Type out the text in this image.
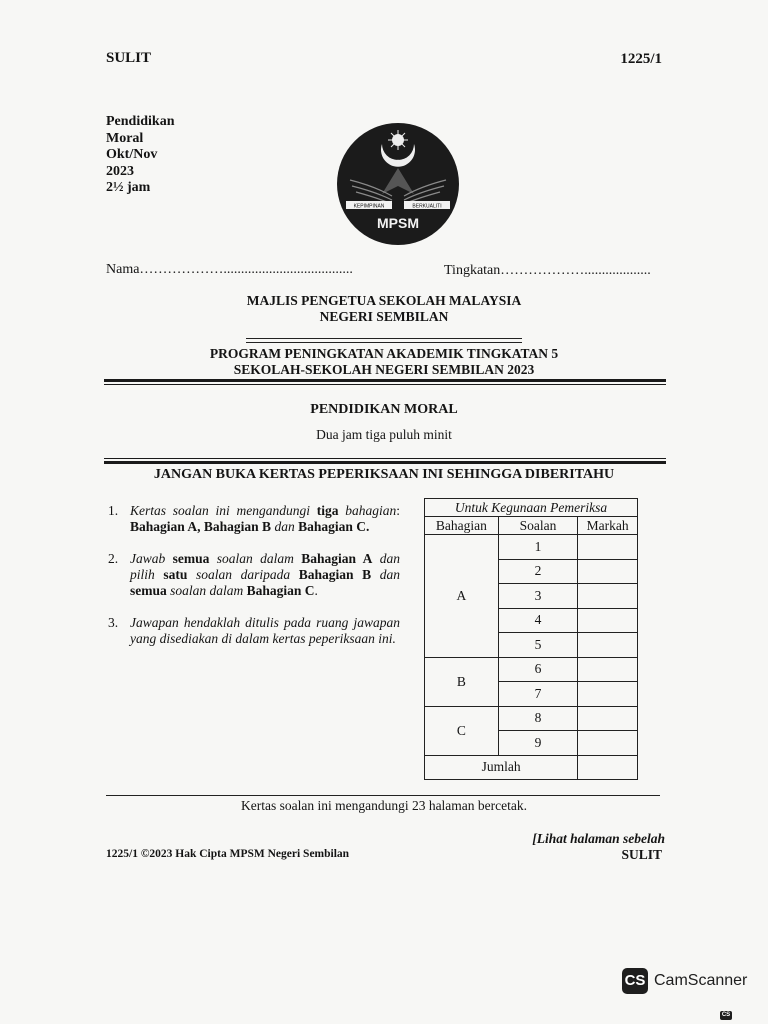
SULIT	1225/1
Pendidikan
Moral
Okt/Nov
2023
2½ jam
KEPIMPINAN	BERKUALITI
MPSM
Nama……………….....................................	Tingkatan………………...................
MAJLIS PENGETUA SEKOLAH MALAYSIA
NEGERI SEMBILAN
PROGRAM PENINGKATAN AKADEMIK TINGKATAN 5
SEKOLAH-SEKOLAH NEGERI SEMBILAN 2023
PENDIDIKAN MORAL
Dua jam tiga puluh minit
JANGAN BUKA KERTAS PEPERIKSAAN INI SEHINGGA DIBERITAHU
1. Kertas soalan ini mengandungi tiga bahagian: Bahagian A, Bahagian B dan Bahagian C.
2. Jawab semua soalan dalam Bahagian A dan pilih satu soalan daripada Bahagian B dan semua soalan dalam Bahagian C.
3. Jawapan hendaklah ditulis pada ruang jawapan yang disediakan di dalam kertas peperiksaan ini.
Untuk Kegunaan Pemeriksa		
Bahagian	Soalan	Markah
A	1	
	2	
	3	
	4	
	5	
B	6	
	7	
C	8	
	9	
Jumlah		
Kertas soalan ini mengandungi 23 halaman bercetak.
[Lihat halaman sebelah
SULIT
1225/1 ©2023 Hak Cipta MPSM Negeri Sembilan
CS CamScanner
CS
